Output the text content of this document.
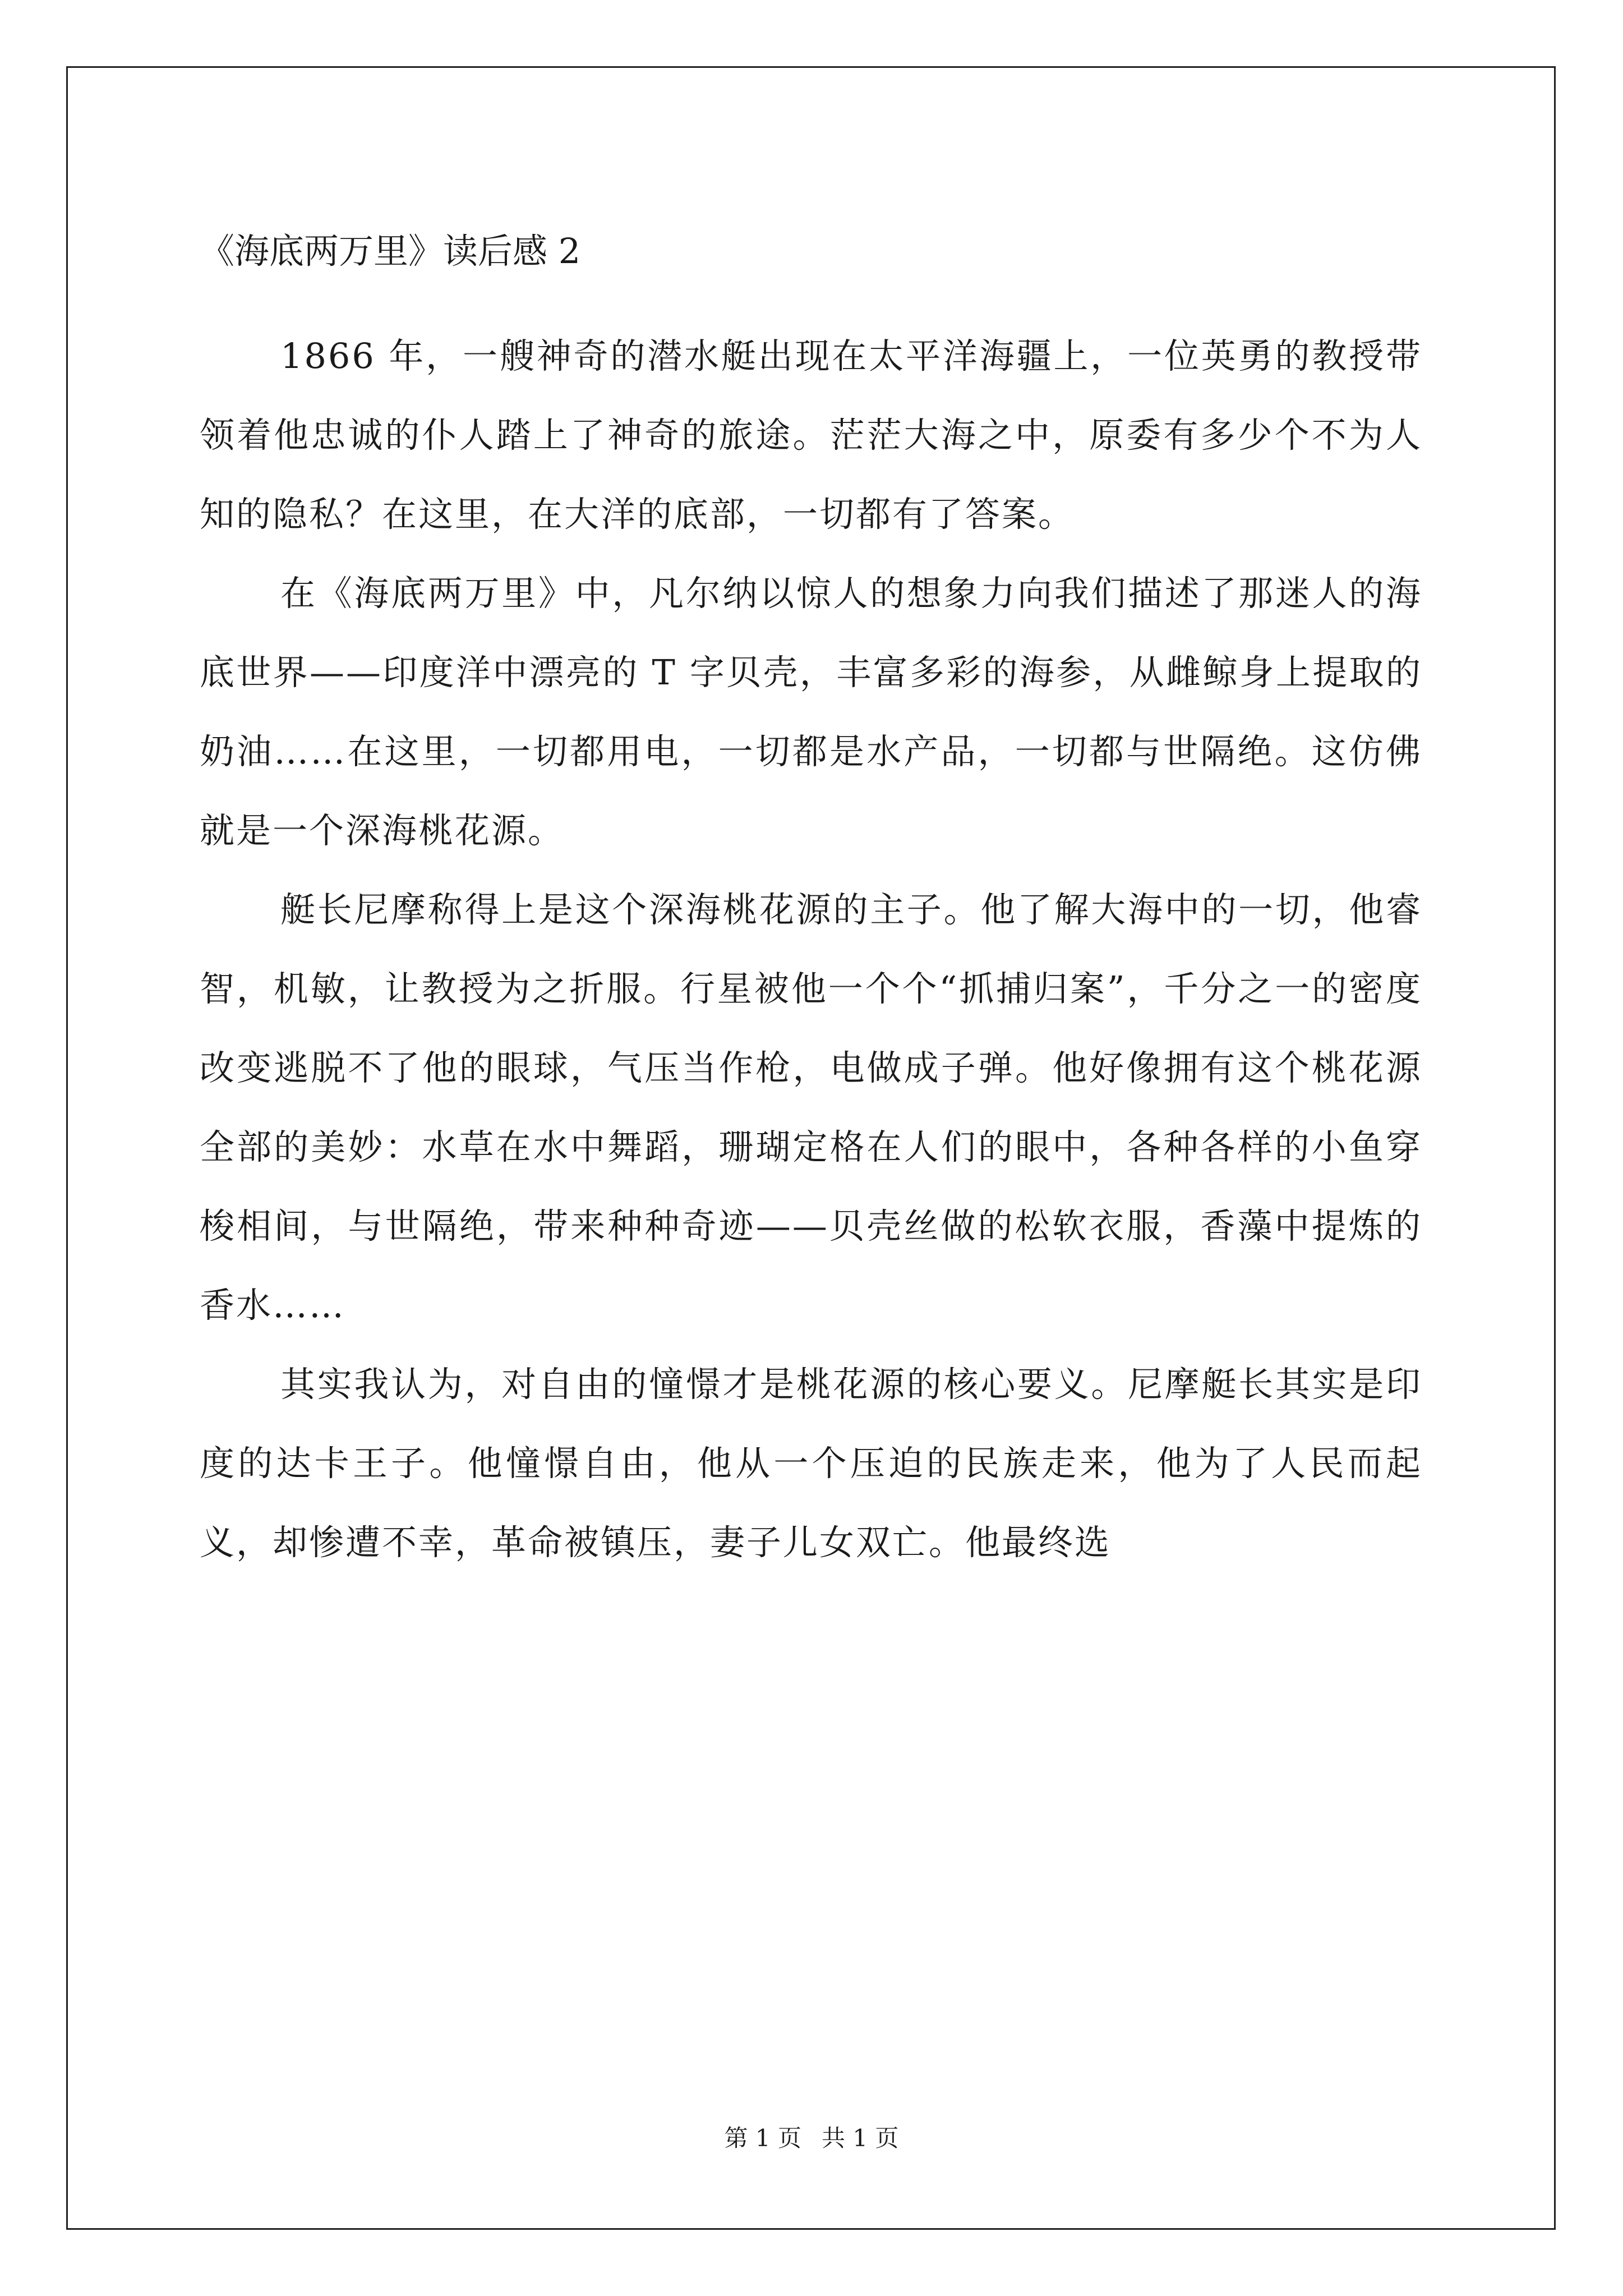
《海底两万里》读后感 2

1866 年，一艘神奇的潜水艇出现在太平洋海疆上，一位英勇的教授带领着他忠诚的仆人踏上了神奇的旅途。茫茫大海之中，原委有多少个不为人知的隐私？在这里，在大洋的底部，一切都有了答案。

在《海底两万里》中，凡尔纳以惊人的想象力向我们描述了那迷人的海底世界——印度洋中漂亮的 T 字贝壳，丰富多彩的海参，从雌鲸身上提取的奶油……在这里，一切都用电，一切都是水产品，一切都与世隔绝。这仿佛就是一个深海桃花源。

艇长尼摩称得上是这个深海桃花源的主子。他了解大海中的一切，他睿智，机敏，让教授为之折服。行星被他一个个“抓捕归案”，千分之一的密度改变逃脱不了他的眼球，气压当作枪，电做成子弹。他好像拥有这个桃花源全部的美妙：水草在水中舞蹈，珊瑚定格在人们的眼中，各种各样的小鱼穿梭相间，与世隔绝，带来种种奇迹——贝壳丝做的松软衣服，香藻中提炼的香水……

其实我认为，对自由的憧憬才是桃花源的核心要义。尼摩艇长其实是印度的达卡王子。他憧憬自由，他从一个压迫的民族走来，他为了人民而起义，却惨遭不幸，革命被镇压，妻子儿女双亡。他最终选

第 1 页 共 1 页
